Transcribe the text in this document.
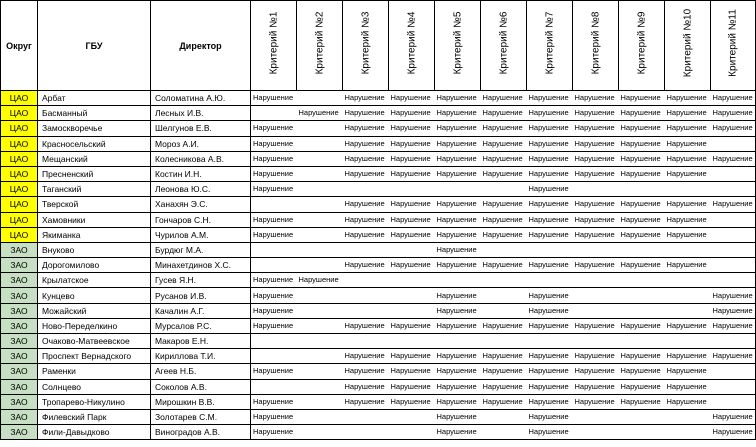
Округ	ГБУ	Директор	Критерий №1	Критерий №2	Критерий №3	Критерий №4	Критерий №5	Критерий №6	Критерий №7	Критерий №8	Критерий №9	Критерий №10	Критерий №11

ЦАО	Арбат	Соломатина А.Ю.	Нарушение		Нарушение	Нарушение	Нарушение	Нарушение	Нарушение	Нарушение	Нарушение	Нарушение	Нарушение
ЦАО	Басманный	Лесных И.В.		Нарушение	Нарушение	Нарушение	Нарушение	Нарушение	Нарушение	Нарушение	Нарушение	Нарушение	Нарушение
ЦАО	Замоскворечье	Шелгунов Е.В.	Нарушение		Нарушение	Нарушение	Нарушение	Нарушение	Нарушение	Нарушение	Нарушение	Нарушение	Нарушение
ЦАО	Красносельский	Мороз А.И.	Нарушение		Нарушение	Нарушение	Нарушение	Нарушение	Нарушение	Нарушение	Нарушение	Нарушение	
ЦАО	Мещанский	Колесникова А.В.	Нарушение		Нарушение	Нарушение	Нарушение	Нарушение	Нарушение	Нарушение	Нарушение	Нарушение	Нарушение
ЦАО	Пресненский	Костин И.Н.	Нарушение		Нарушение	Нарушение	Нарушение	Нарушение	Нарушение	Нарушение	Нарушение	Нарушение	
ЦАО	Таганский	Леонова Ю.С.	Нарушение						Нарушение				
ЦАО	Тверской	Ханахян Э.С.			Нарушение	Нарушение	Нарушение	Нарушение	Нарушение	Нарушение	Нарушение	Нарушение	Нарушение
ЦАО	Хамовники	Гончаров С.Н.	Нарушение		Нарушение	Нарушение	Нарушение	Нарушение	Нарушение	Нарушение	Нарушение	Нарушение	
ЦАО	Якиманка	Чурилов А.М.	Нарушение		Нарушение	Нарушение	Нарушение	Нарушение	Нарушение	Нарушение	Нарушение	Нарушение	
ЗАО	Внуково	Бурдюг М.А.					Нарушение						
ЗАО	Дорогомилово	Минахетдинов Х.С.			Нарушение	Нарушение	Нарушение	Нарушение	Нарушение	Нарушение	Нарушение	Нарушение	
ЗАО	Крылатское	Гусев Я.Н.	Нарушение	Нарушение									
ЗАО	Кунцево	Русанов И.В.	Нарушение				Нарушение		Нарушение				Нарушение
ЗАО	Можайский	Качалин А.Г.	Нарушение				Нарушение		Нарушение				Нарушение
ЗАО	Ново-Переделкино	Мурсалов Р.С.	Нарушение		Нарушение	Нарушение	Нарушение	Нарушение	Нарушение	Нарушение	Нарушение	Нарушение	Нарушение
ЗАО	Очаково-Матвеевское	Макаров Е.Н.											
ЗАО	Проспект Вернадского	Кириллова Т.И.			Нарушение	Нарушение	Нарушение	Нарушение	Нарушение	Нарушение	Нарушение	Нарушение	Нарушение
ЗАО	Раменки	Агеев Н.Б.	Нарушение		Нарушение	Нарушение	Нарушение	Нарушение	Нарушение	Нарушение	Нарушение	Нарушение	
ЗАО	Солнцево	Соколов А.В.			Нарушение	Нарушение	Нарушение	Нарушение	Нарушение	Нарушение	Нарушение	Нарушение	
ЗАО	Тропарево-Никулино	Мирошкин В.В.	Нарушение		Нарушение	Нарушение	Нарушение	Нарушение	Нарушение	Нарушение	Нарушение	Нарушение	
ЗАО	Филевский Парк	Золотарев С.М.	Нарушение				Нарушение		Нарушение				Нарушение
ЗАО	Фили-Давыдково	Виноградов А.В.	Нарушение				Нарушение		Нарушение				Нарушение
